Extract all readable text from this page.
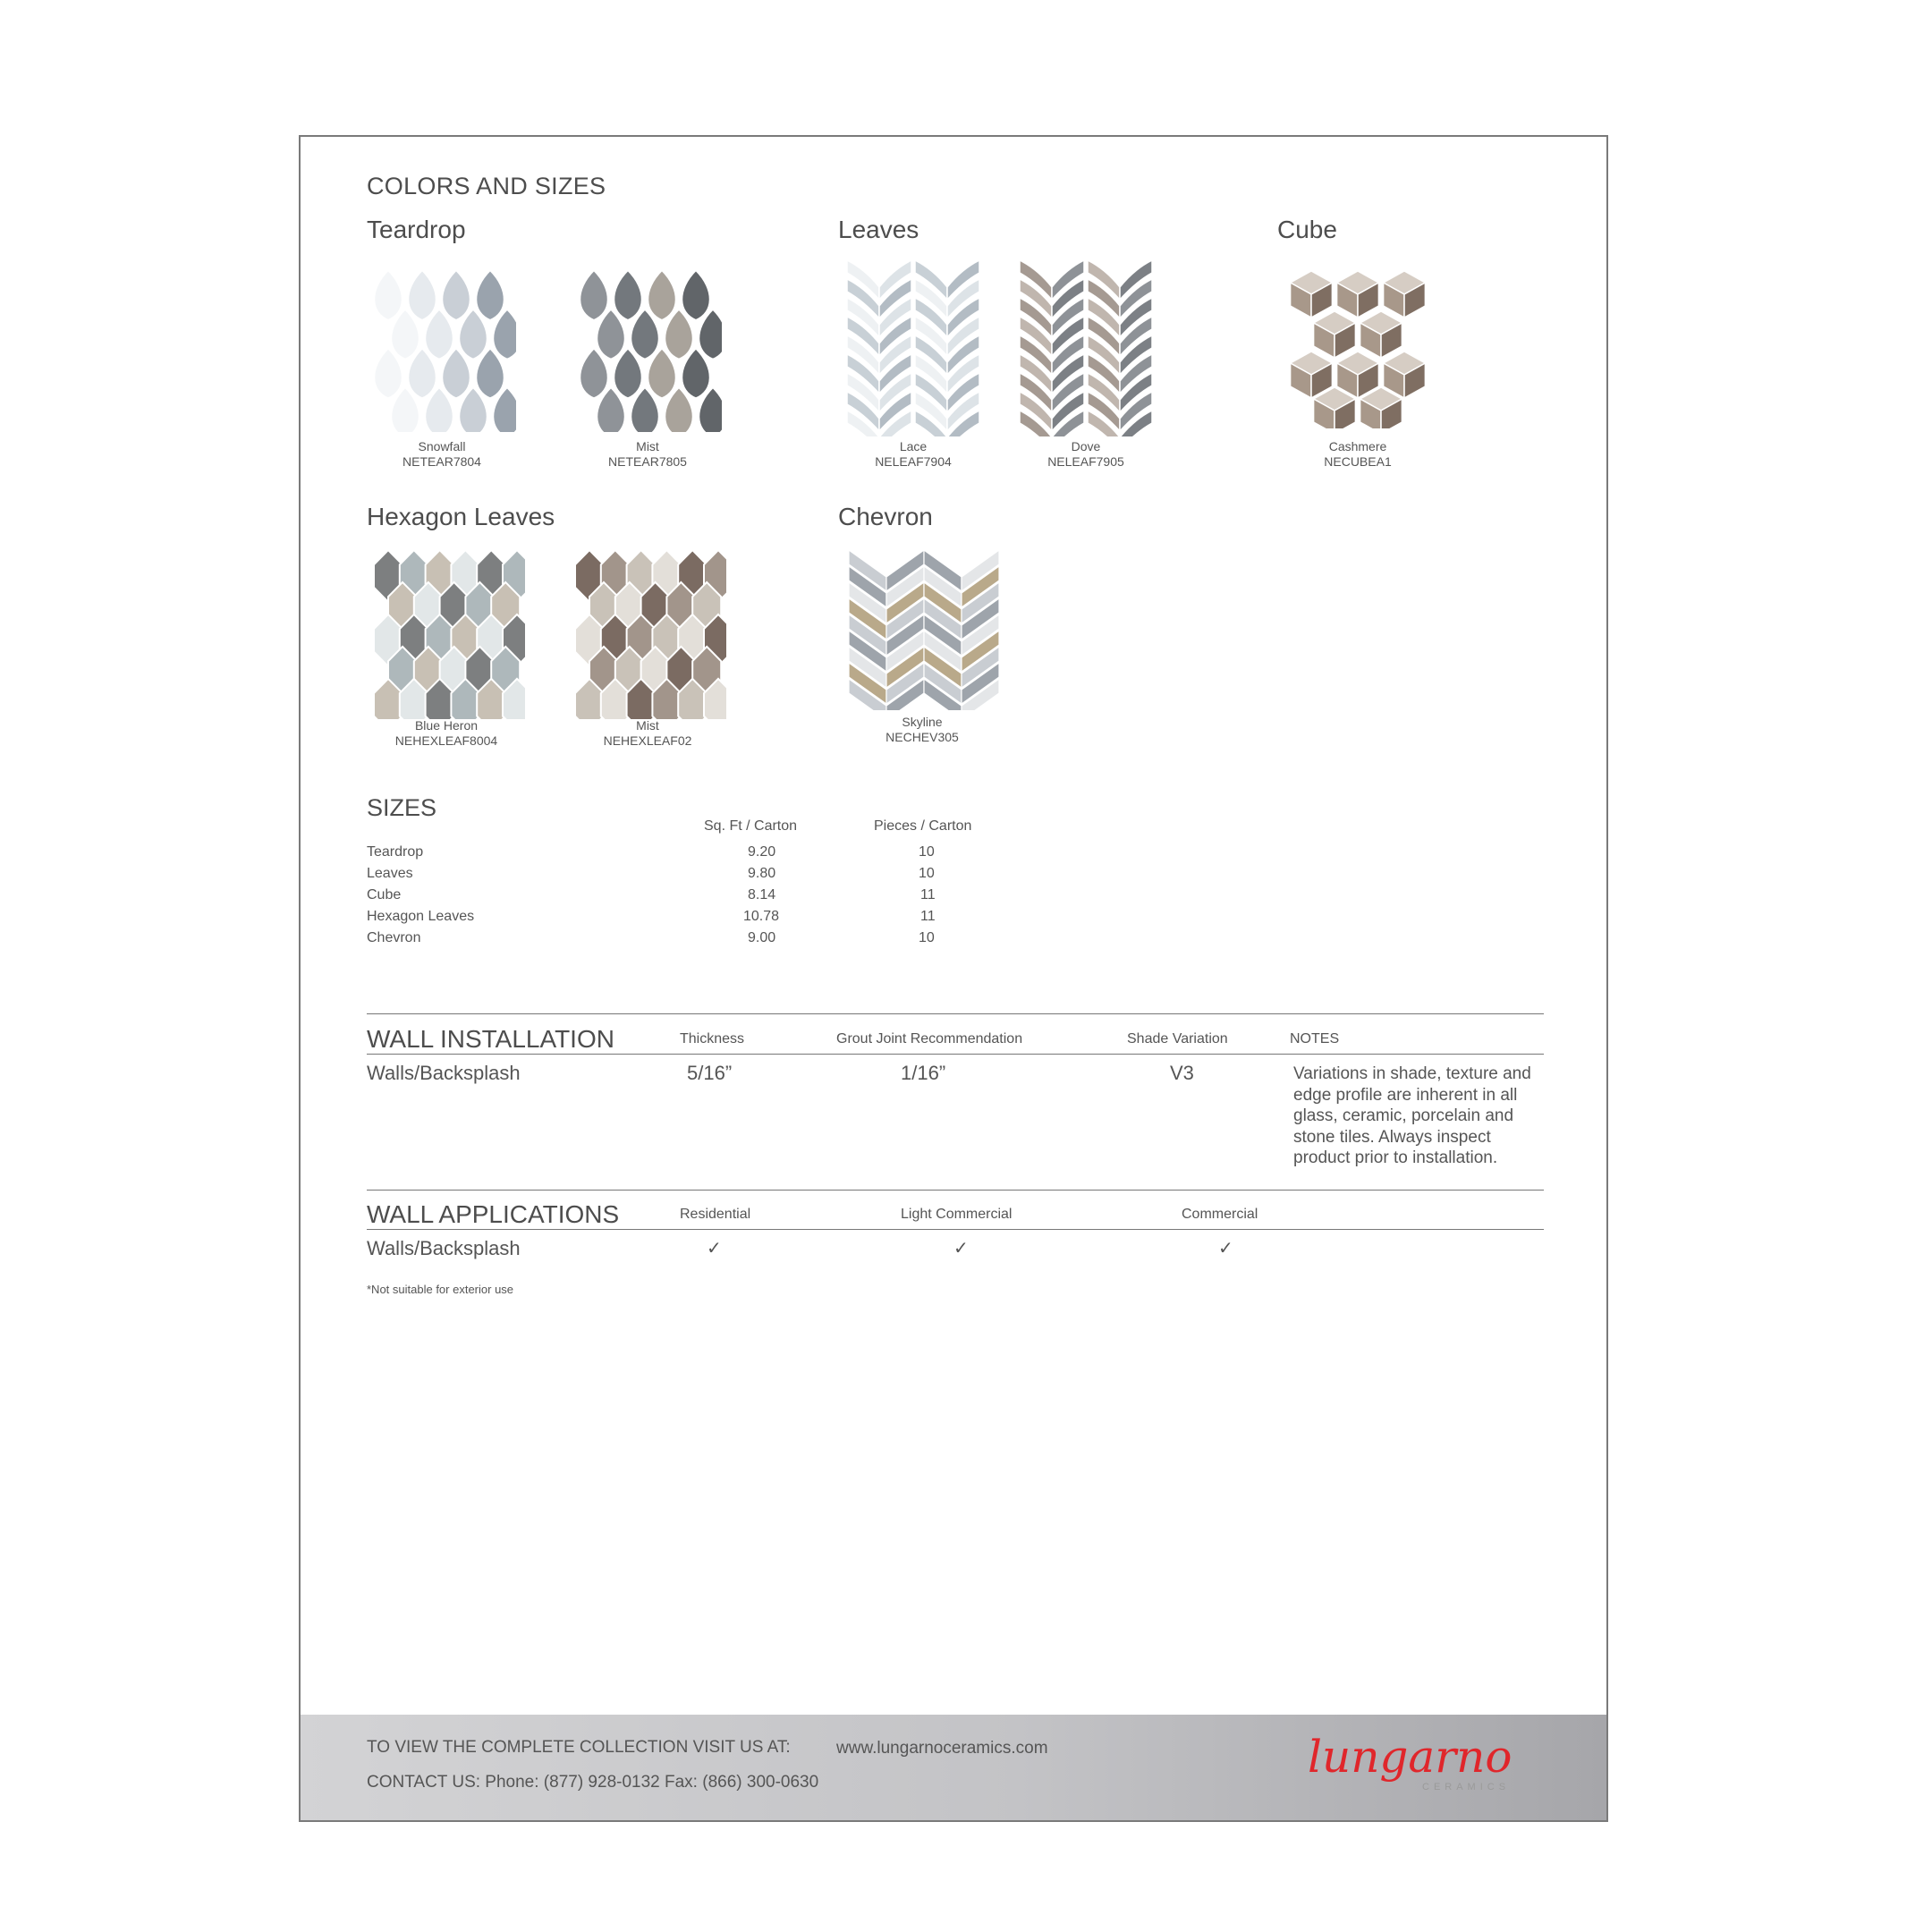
COLORS AND SIZES
Teardrop	Leaves	Cube
Hexagon Leaves	Chevron
Snowfall
NETEAR7804
Mist
NETEAR7805
Lace
NELEAF7904
Dove
NELEAF7905
Cashmere
NECUBEA1
Blue Heron
NEHEXLEAF8004
Mist
NEHEXLEAF02
Skyline
NECHEV305
SIZES
Sq. Ft / Carton	Pieces / Carton
Teardrop	9.20	10
Leaves	9.80	10
Cube	8.14	11
Hexagon Leaves	10.78	11
Chevron	9.00	10
WALL INSTALLATION	Thickness	Grout Joint Recommendation	Shade Variation	NOTES
Walls/Backsplash	5/16”	1/16”	V3	Variations in shade, texture and edge profile are inherent in all glass, ceramic, porcelain and stone tiles. Always inspect product prior to installation.
WALL APPLICATIONS	Residential	Light Commercial	Commercial
Walls/Backsplash	✓	✓	✓
*Not suitable for exterior use
TO VIEW THE COMPLETE COLLECTION VISIT US AT:	www.lungarnoceramics.com
CONTACT US: Phone: (877) 928-0132 Fax: (866) 300-0630	lungarno
CERAMICS
